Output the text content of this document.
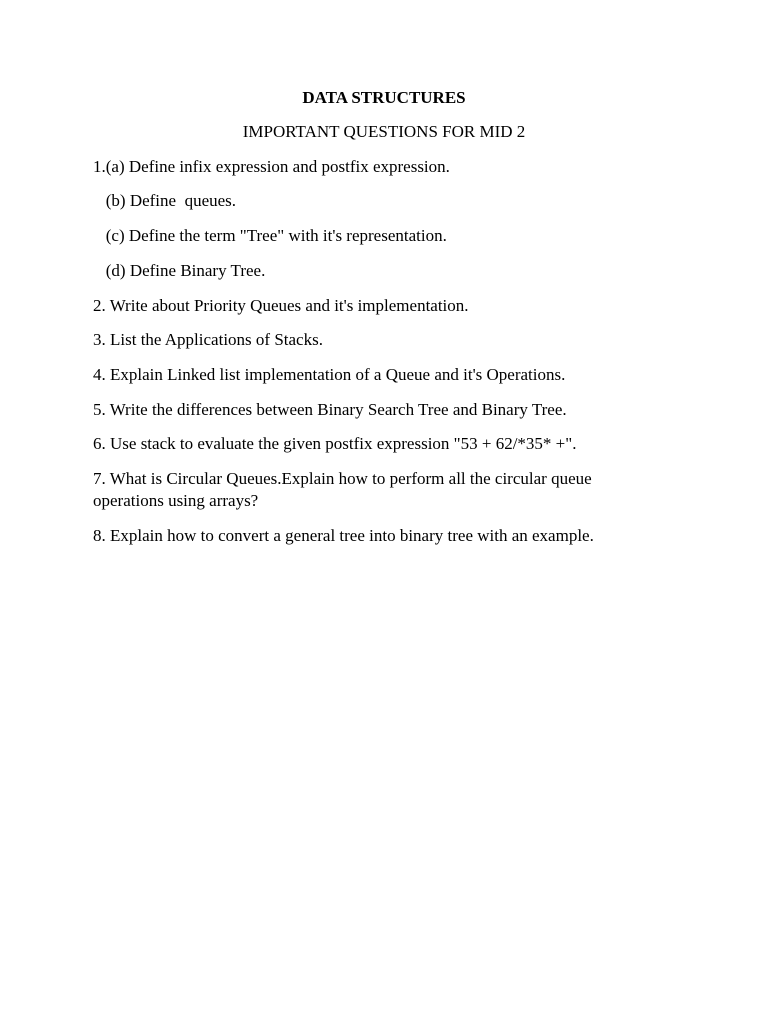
DATA STRUCTURES
IMPORTANT QUESTIONS FOR MID 2
1.(a) Define infix expression and postfix expression.
(b) Define  queues.
(c) Define the term "Tree" with it's representation.
(d) Define Binary Tree.
2. Write about Priority Queues and it's implementation.
3. List the Applications of Stacks.
4. Explain Linked list implementation of a Queue and it's Operations.
5. Write the differences between Binary Search Tree and Binary Tree.
6. Use stack to evaluate the given postfix expression "53 + 62/*35* +".
7. What is Circular Queues.Explain how to perform all the circular queue operations using arrays?
8. Explain how to convert a general tree into binary tree with an example.
